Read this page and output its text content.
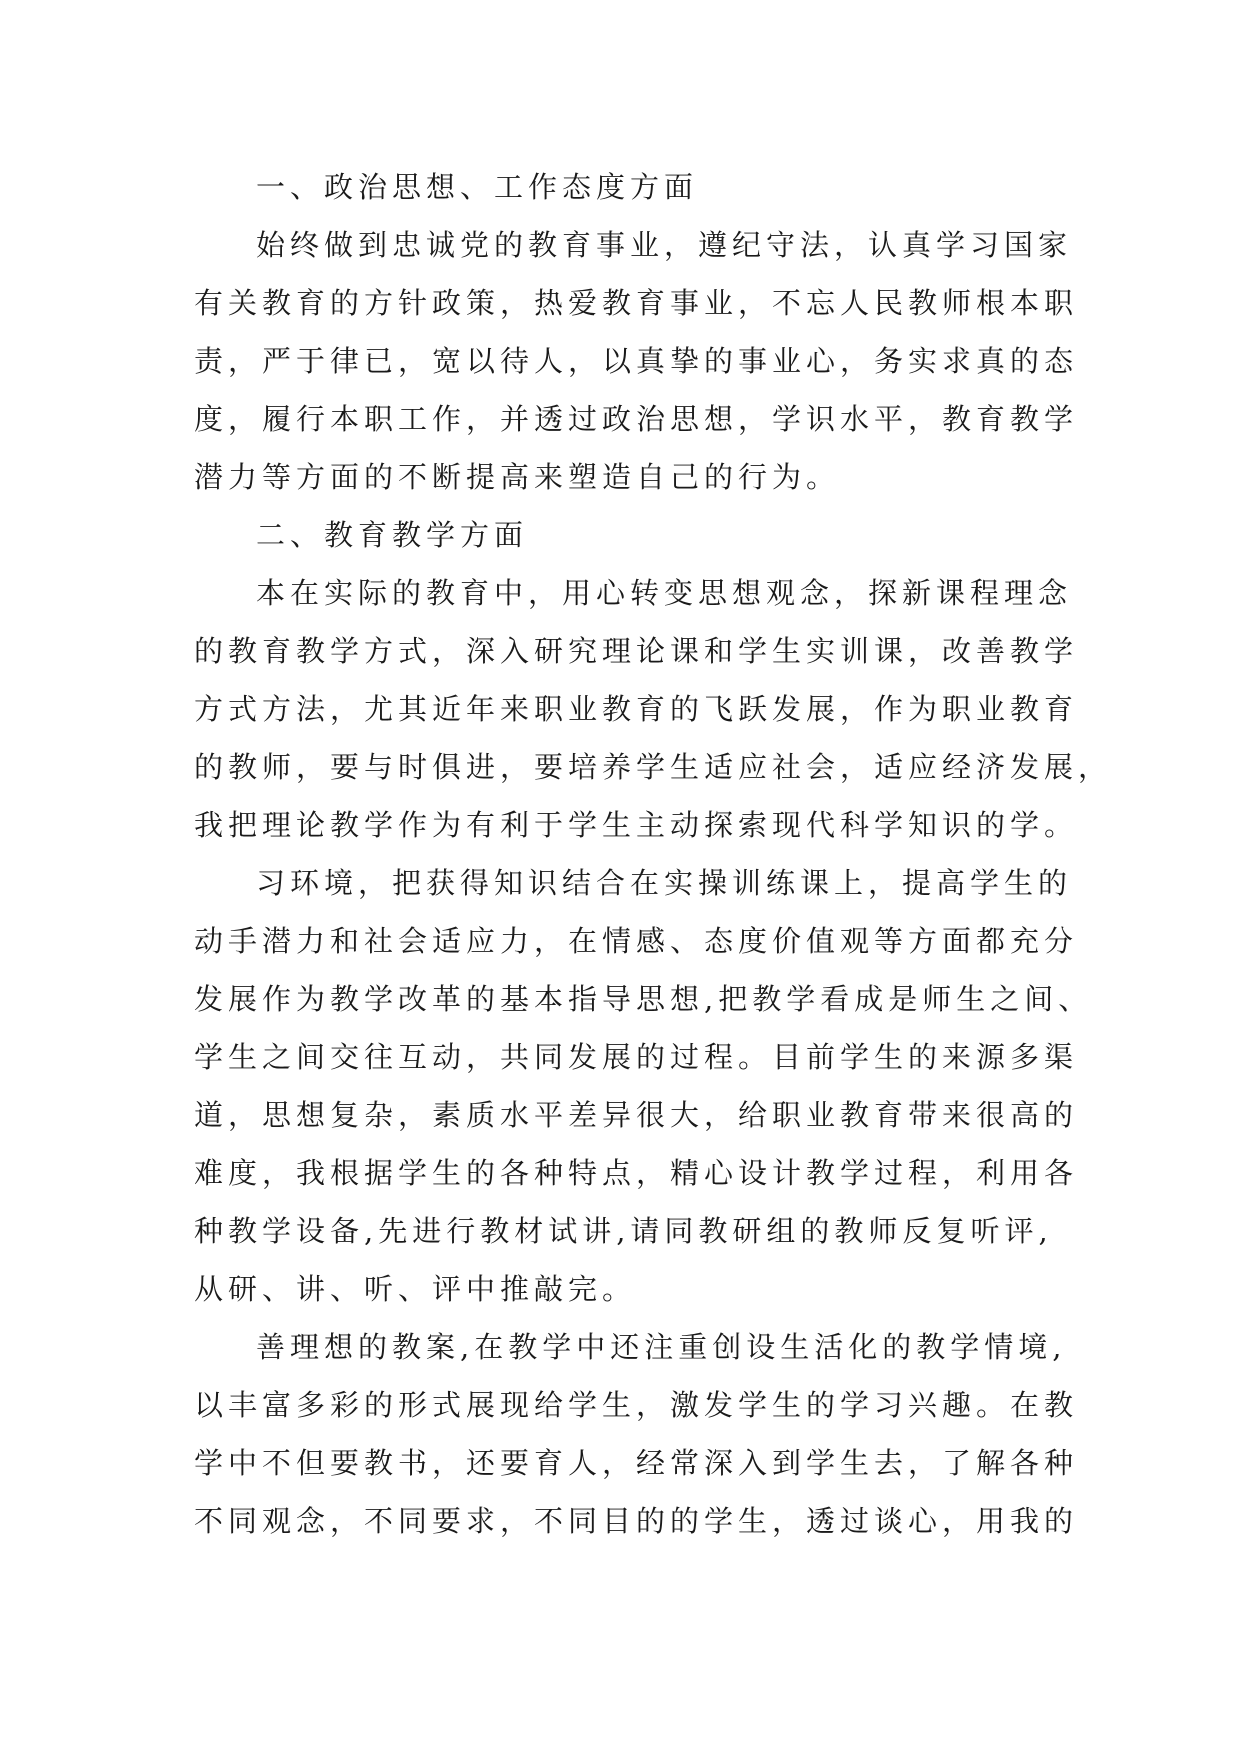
一、政治思想、工作态度方面

始终做到忠诚党的教育事业，遵纪守法，认真学习国家
有关教育的方针政策，热爱教育事业，不忘人民教师根本职
责，严于律已，宽以待人，以真挚的事业心，务实求真的态
度，履行本职工作，并透过政治思想，学识水平，教育教学
潜力等方面的不断提高来塑造自己的行为。

二、教育教学方面

本在实际的教育中，用心转变思想观念，探新课程理念
的教育教学方式，深入研究理论课和学生实训课，改善教学
方式方法，尤其近年来职业教育的飞跃发展，作为职业教育
的教师，要与时俱进，要培养学生适应社会，适应经济发展，
我把理论教学作为有利于学生主动探索现代科学知识的学。

习环境，把获得知识结合在实操训练课上，提高学生的
动手潜力和社会适应力，在情感、态度价值观等方面都充分
发展作为教学改革的基本指导思想,把教学看成是师生之间、
学生之间交往互动，共同发展的过程。目前学生的来源多渠
道，思想复杂，素质水平差异很大，给职业教育带来很高的
难度，我根据学生的各种特点，精心设计教学过程，利用各
种教学设备,先进行教材试讲,请同教研组的教师反复听评,
从研、讲、听、评中推敲完。

善理想的教案,在教学中还注重创设生活化的教学情境,
以丰富多彩的形式展现给学生，激发学生的学习兴趣。在教
学中不但要教书，还要育人，经常深入到学生去，了解各种
不同观念，不同要求，不同目的的学生，透过谈心，用我的
